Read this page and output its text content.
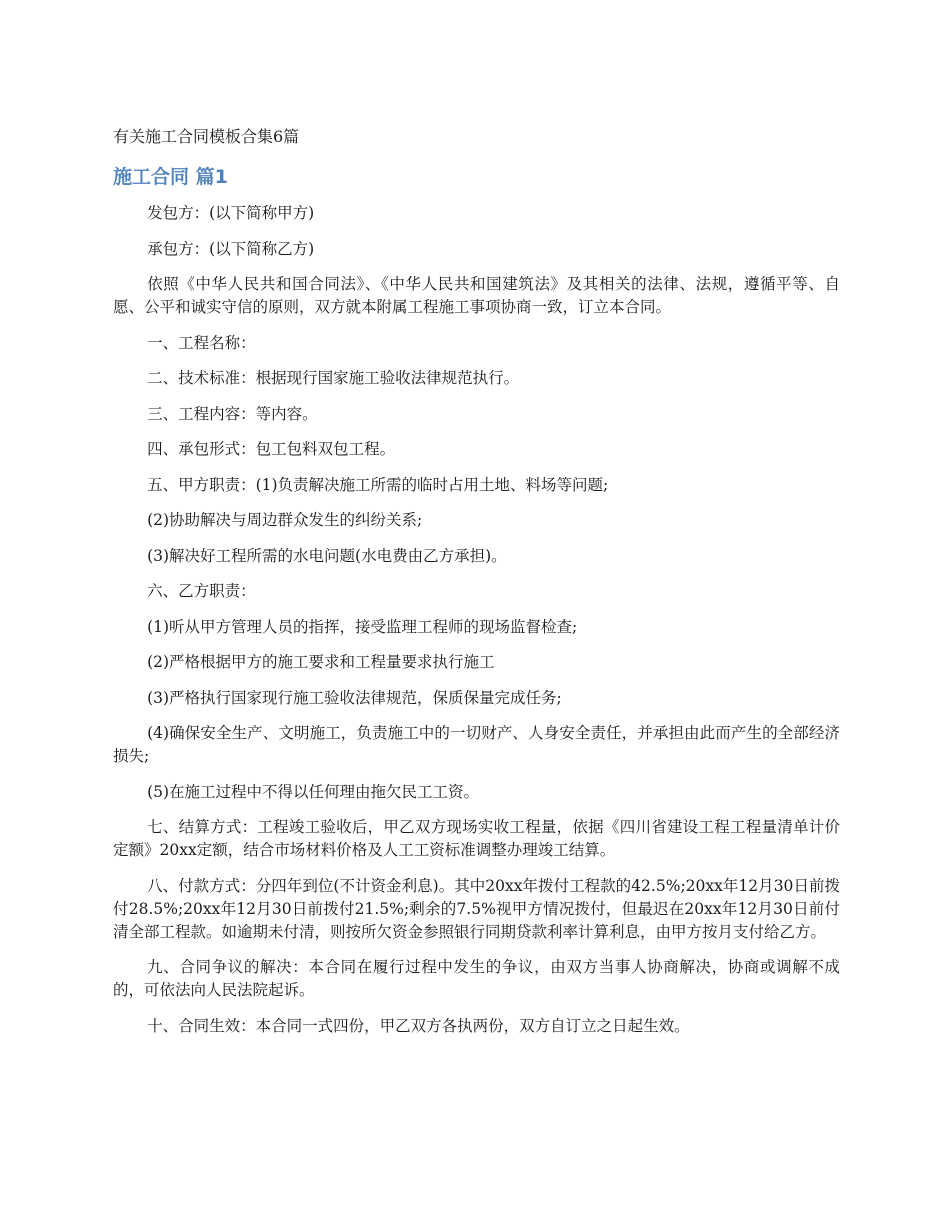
有关施工合同模板合集6篇
施工合同 篇1

发包方：(以下简称甲方)

承包方：(以下简称乙方)

依照《中华人民共和国合同法》、《中华人民共和国建筑法》及其相关的法律、法规，遵循平等、自愿、公平和诚实守信的原则，双方就本附属工程施工事项协商一致，订立本合同。

一、工程名称：

二、技术标准：根据现行国家施工验收法律规范执行。

三、工程内容：等内容。

四、承包形式：包工包料双包工程。

五、甲方职责：(1)负责解决施工所需的临时占用土地、料场等问题;

(2)协助解决与周边群众发生的纠纷关系;

(3)解决好工程所需的水电问题(水电费由乙方承担)。

六、乙方职责：

(1)听从甲方管理人员的指挥，接受监理工程师的现场监督检查;

(2)严格根据甲方的施工要求和工程量要求执行施工

(3)严格执行国家现行施工验收法律规范，保质保量完成任务;

(4)确保安全生产、文明施工，负责施工中的一切财产、人身安全责任，并承担由此而产生的全部经济损失;

(5)在施工过程中不得以任何理由拖欠民工工资。

七、结算方式：工程竣工验收后，甲乙双方现场实收工程量，依据《四川省建设工程工程量清单计价定额》20xx定额，结合市场材料价格及人工工资标准调整办理竣工结算。

八、付款方式：分四年到位(不计资金利息)。其中20xx年拨付工程款的42.5%;20xx年12月30日前拨付28.5%;20xx年12月30日前拨付21.5%;剩余的7.5%视甲方情况拨付，但最迟在20xx年12月30日前付清全部工程款。如逾期未付清，则按所欠资金参照银行同期贷款利率计算利息，由甲方按月支付给乙方。

九、合同争议的解决：本合同在履行过程中发生的争议，由双方当事人协商解决，协商或调解不成的，可依法向人民法院起诉。

十、合同生效：本合同一式四份，甲乙双方各执两份，双方自订立之日起生效。
